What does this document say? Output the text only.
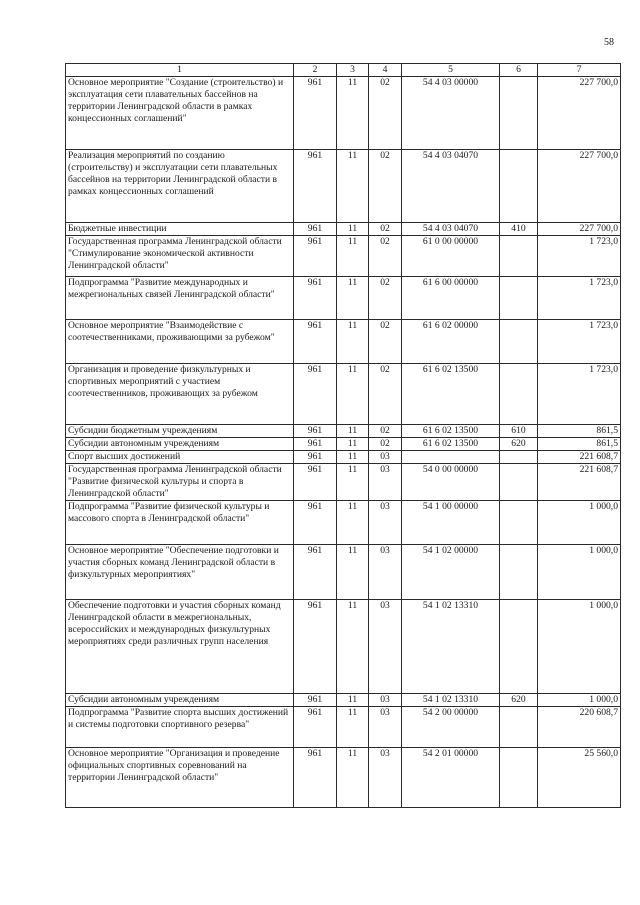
58
1	2	3	4	5	6	7
Основное мероприятие "Создание (строительство) и эксплуатация сети плавательных бассейнов на территории Ленинградской области в рамках концессионных соглашений"	961	11	02	54 4 03 00000		227 700,0
Реализация мероприятий по созданию (строительству) и эксплуатации сети плавательных бассейнов на территории Ленинградской области в рамках концессионных соглашений	961	11	02	54 4 03 04070		227 700,0
Бюджетные инвестиции	961	11	02	54 4 03 04070	410	227 700,0
Государственная программа Ленинградской области "Стимулирование экономической активности Ленинградской области"	961	11	02	61 0 00 00000		1 723,0
Подпрограмма "Развитие международных и межрегиональных связей Ленинградской области"	961	11	02	61 6 00 00000		1 723,0
Основное мероприятие "Взаимодействие с соотечественниками, проживающими за рубежом"	961	11	02	61 6 02 00000		1 723,0
Организация и проведение физкультурных и спортивных мероприятий с участием соотечественников, проживающих за рубежом	961	11	02	61 6 02 13500		1 723,0
Субсидии бюджетным учреждениям	961	11	02	61 6 02 13500	610	861,5
Субсидии автономным учреждениям	961	11	02	61 6 02 13500	620	861,5
Спорт высших достижений	961	11	03			221 608,7
Государственная программа Ленинградской области "Развитие физической культуры и спорта в Ленинградской области"	961	11	03	54 0 00 00000		221 608,7
Подпрограмма "Развитие физической культуры и массового спорта в Ленинградской области"	961	11	03	54 1 00 00000		1 000,0
Основное мероприятие "Обеспечение подготовки и участия сборных команд Ленинградской области в физкультурных мероприятиях"	961	11	03	54 1 02 00000		1 000,0
Обеспечение подготовки и участия сборных команд Ленинградской области в межрегиональных, всероссийских и международных физкультурных мероприятиях среди различных групп населения	961	11	03	54 1 02 13310		1 000,0
Субсидии автономным учреждениям	961	11	03	54 1 02 13310	620	1 000,0
Подпрограмма "Развитие спорта высших достижений и системы подготовки спортивного резерва"	961	11	03	54 2 00 00000		220 608,7
Основное мероприятие "Организация и проведение официальных спортивных соревнований на территории Ленинградской области"	961	11	03	54 2 01 00000		25 560,0
